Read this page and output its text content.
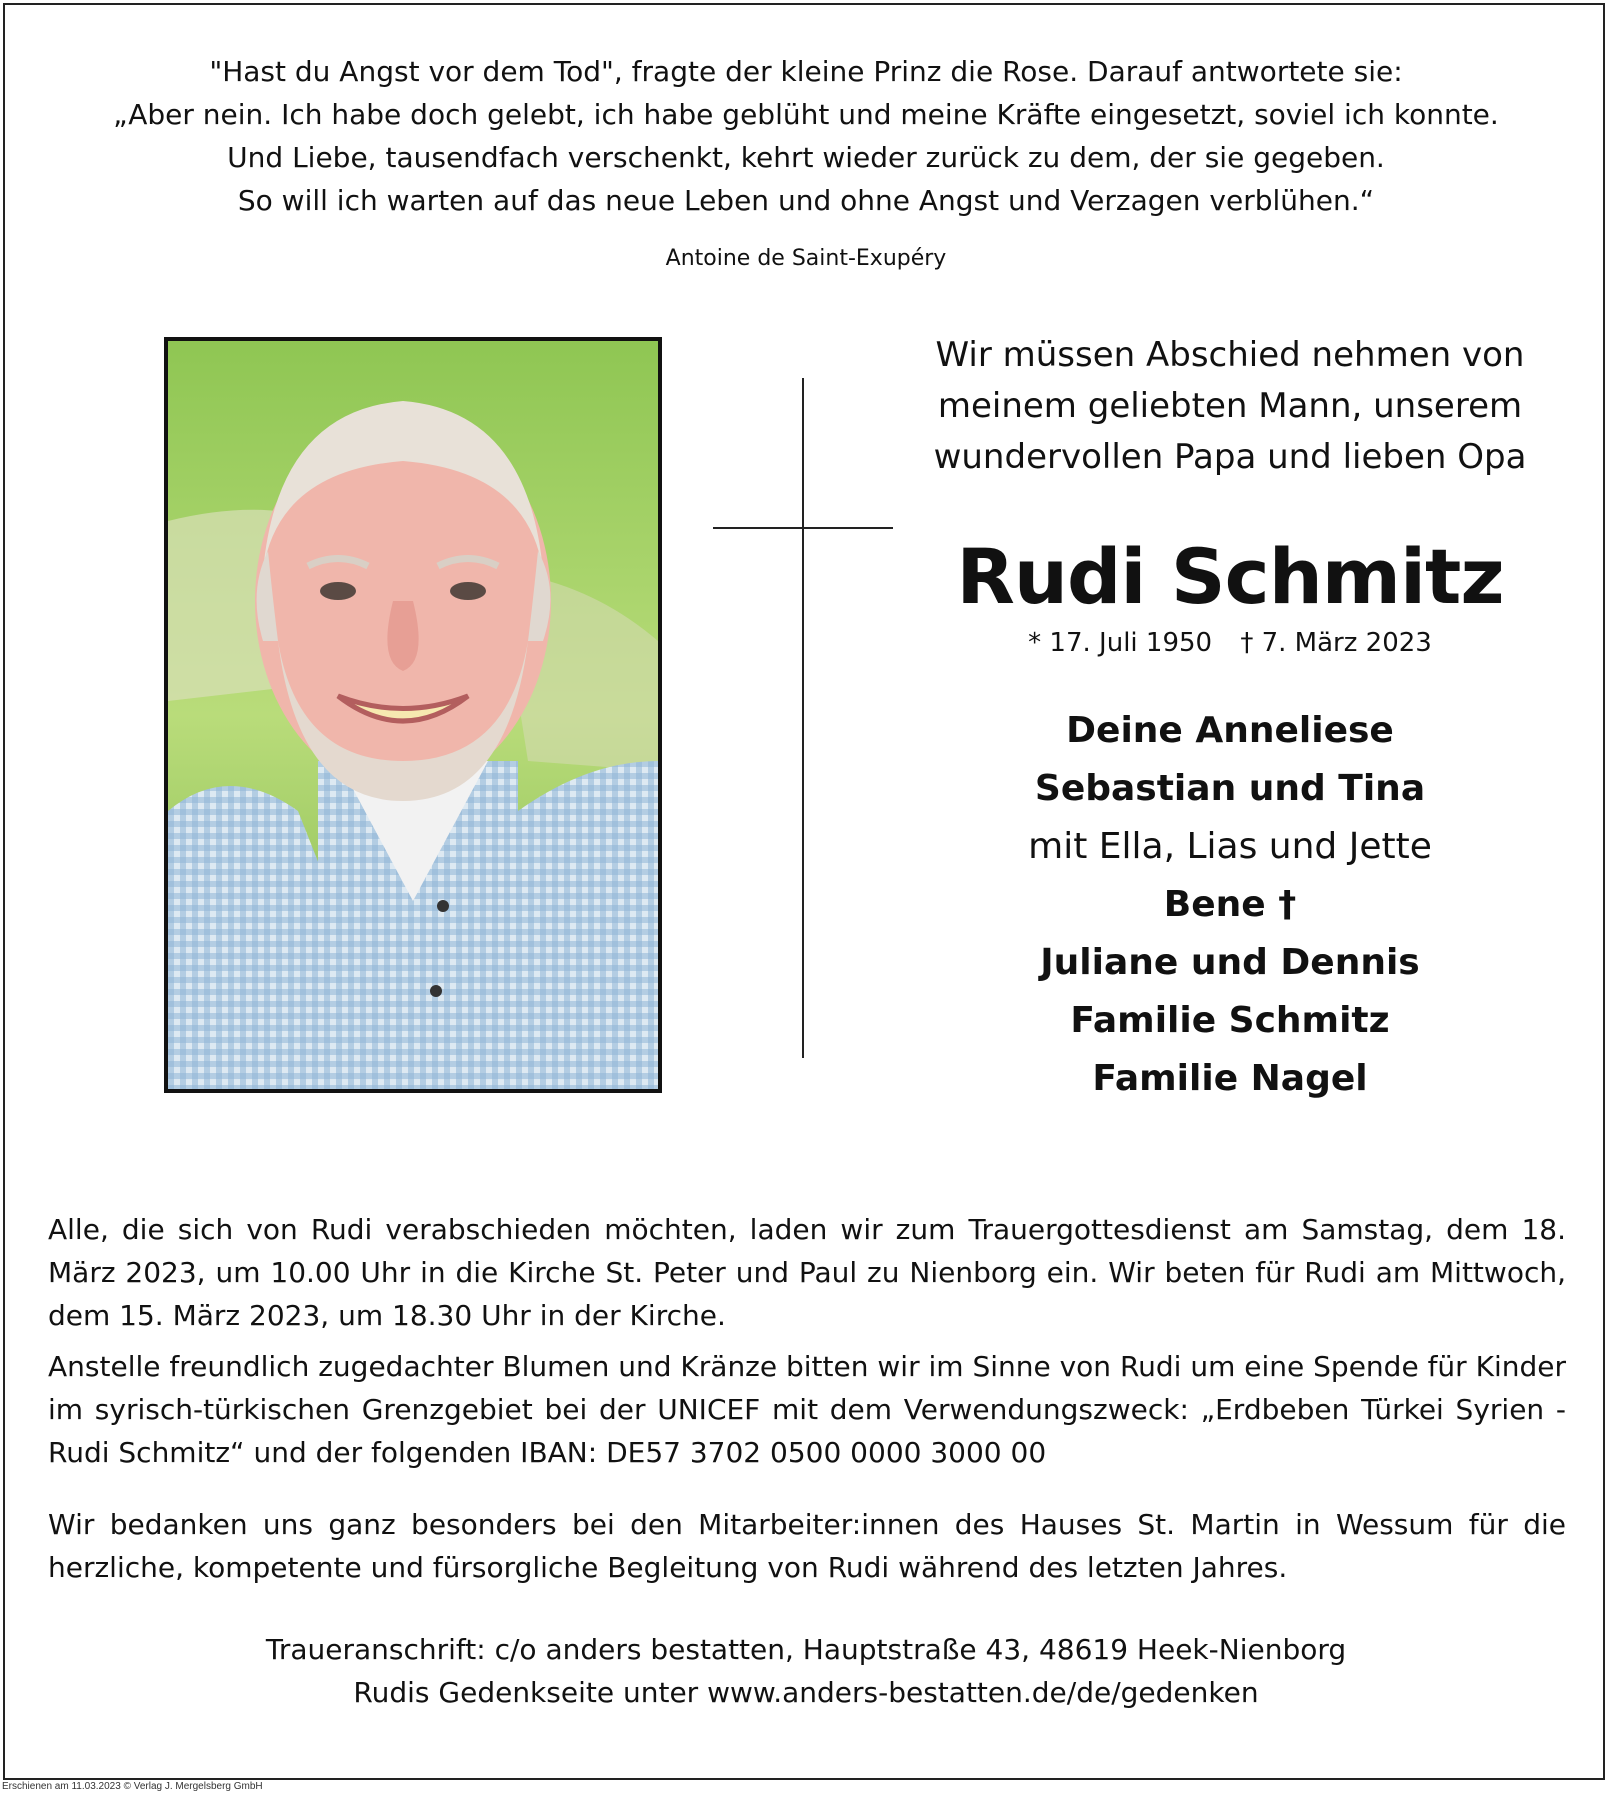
"Hast du Angst vor dem Tod", fragte der kleine Prinz die Rose. Darauf antwortete sie:
„Aber nein. Ich habe doch gelebt, ich habe geblüht und meine Kräfte eingesetzt, soviel ich konnte.
Und Liebe, tausendfach verschenkt, kehrt wieder zurück zu dem, der sie gegeben.
So will ich warten auf das neue Leben und ohne Angst und Verzagen verblühen.“
Antoine de Saint-Exupéry
Wir müssen Abschied nehmen von
meinem geliebten Mann, unserem
wundervollen Papa und lieben Opa
Rudi Schmitz
* 17. Juli 1950 † 7. März 2023
Deine Anneliese
Sebastian und Tina
mit Ella, Lias und Jette
Bene †
Juliane und Dennis
Familie Schmitz
Familie Nagel
Alle, die sich von Rudi verabschieden möchten, laden wir zum Trauergottesdienst am Samstag, dem 18. März 2023, um 10.00 Uhr in die Kirche St. Peter und Paul zu Nienborg ein. Wir beten für Rudi am Mittwoch, dem 15. März 2023, um 18.30 Uhr in der Kirche.
Anstelle freundlich zugedachter Blumen und Kränze bitten wir im Sinne von Rudi um eine Spende für Kinder im syrisch-türkischen Grenzgebiet bei der UNICEF mit dem Verwendungszweck: „Erdbeben Türkei Syrien - Rudi Schmitz“ und der folgenden IBAN: DE57 3702 0500 0000 3000 00
Wir bedanken uns ganz besonders bei den Mitarbeiter:innen des Hauses St. Martin in Wessum für die herzliche, kompetente und fürsorgliche Begleitung von Rudi während des letzten Jahres.
Traueranschrift: c/o anders bestatten, Hauptstraße 43, 48619 Heek-Nienborg
Rudis Gedenkseite unter www.anders-bestatten.de/de/gedenken
Erschienen am 11.03.2023 © Verlag J. Mergelsberg GmbH
